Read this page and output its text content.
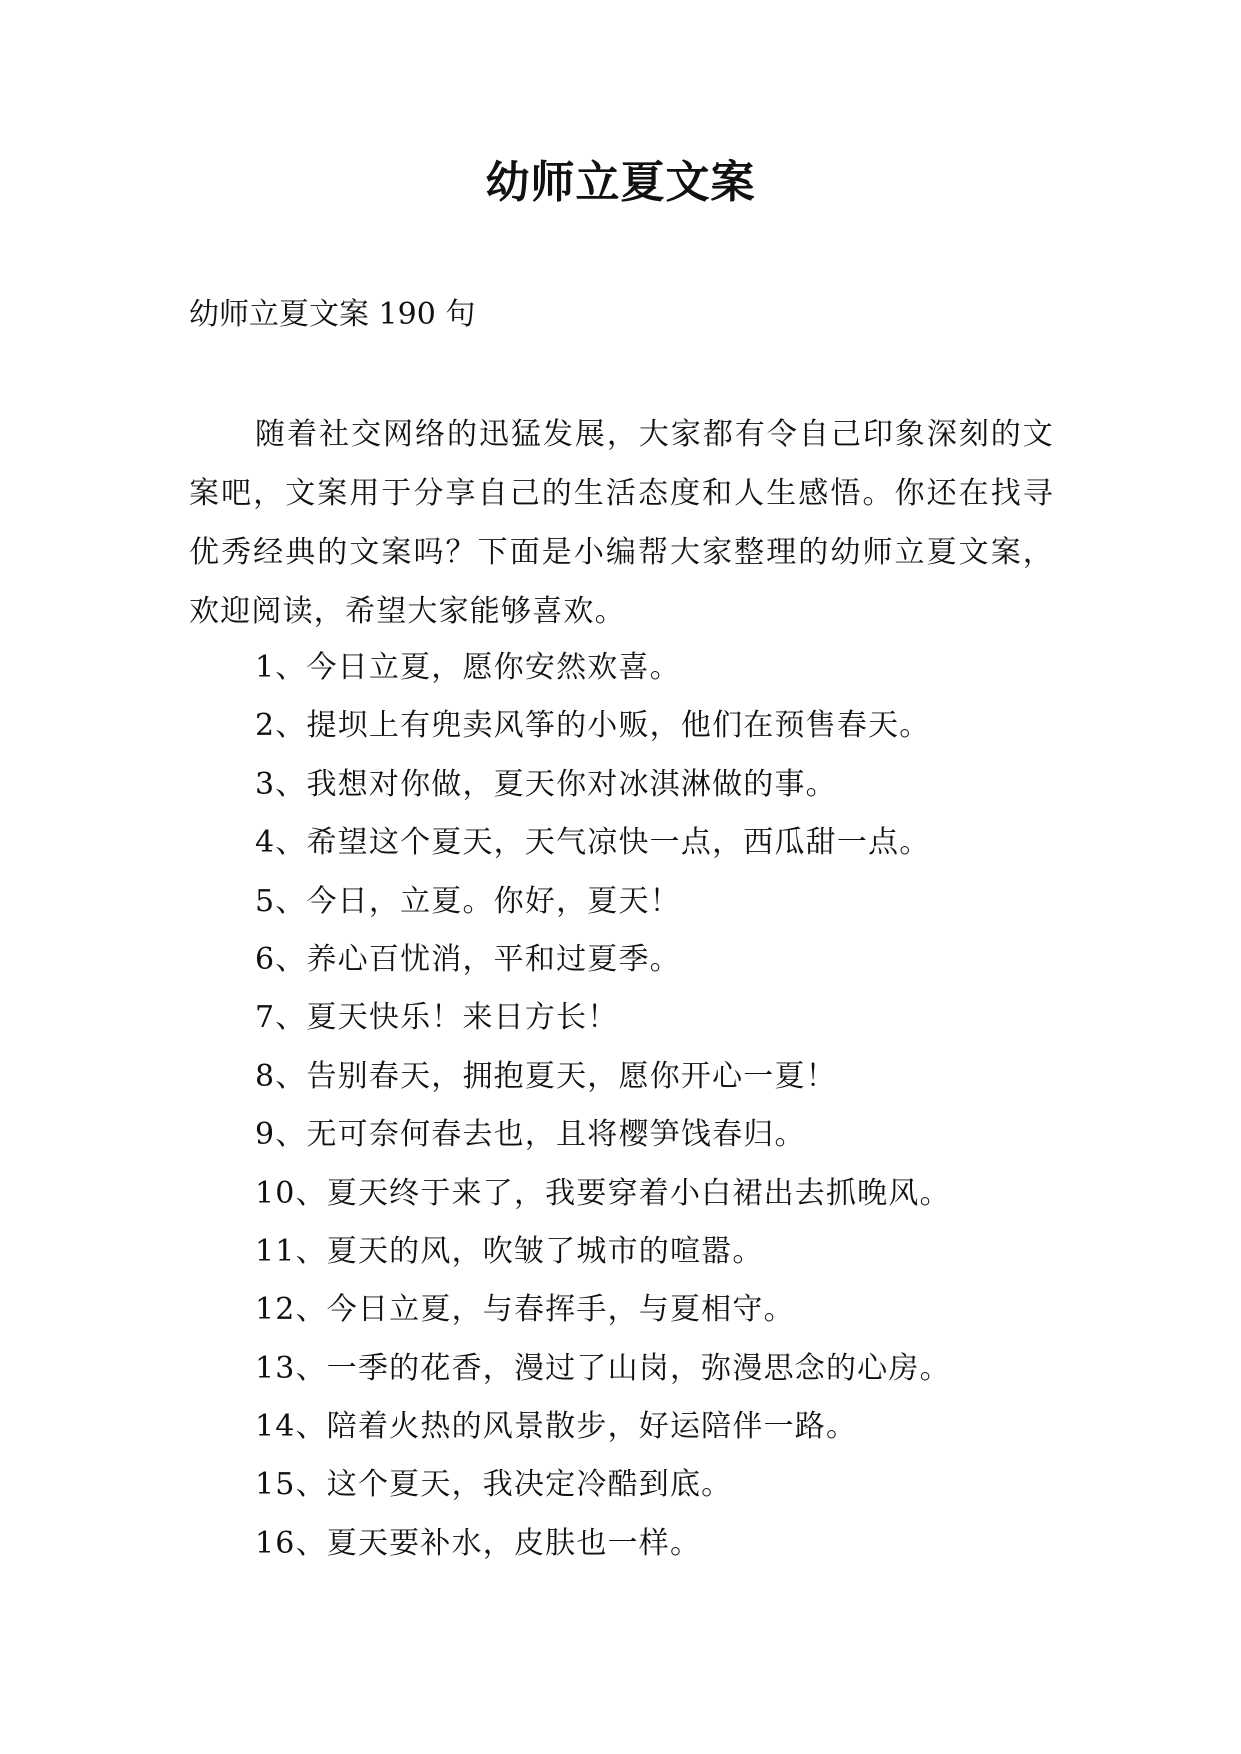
幼师立夏文案

幼师立夏文案 190 句

随着社交网络的迅猛发展，大家都有令自己印象深刻的文案吧，文案用于分享自己的生活态度和人生感悟。你还在找寻优秀经典的文案吗？下面是小编帮大家整理的幼师立夏文案，欢迎阅读，希望大家能够喜欢。

1、今日立夏，愿你安然欢喜。
2、提坝上有兜卖风筝的小贩，他们在预售春天。
3、我想对你做，夏天你对冰淇淋做的事。
4、希望这个夏天，天气凉快一点，西瓜甜一点。
5、今日，立夏。你好，夏天！
6、养心百忧消，平和过夏季。
7、夏天快乐！来日方长！
8、告别春天，拥抱夏天，愿你开心一夏！
9、无可奈何春去也，且将樱笋饯春归。
10、夏天终于来了，我要穿着小白裙出去抓晚风。
11、夏天的风，吹皱了城市的喧嚣。
12、今日立夏，与春挥手，与夏相守。
13、一季的花香，漫过了山岗，弥漫思念的心房。
14、陪着火热的风景散步，好运陪伴一路。
15、这个夏天，我决定冷酷到底。
16、夏天要补水，皮肤也一样。
